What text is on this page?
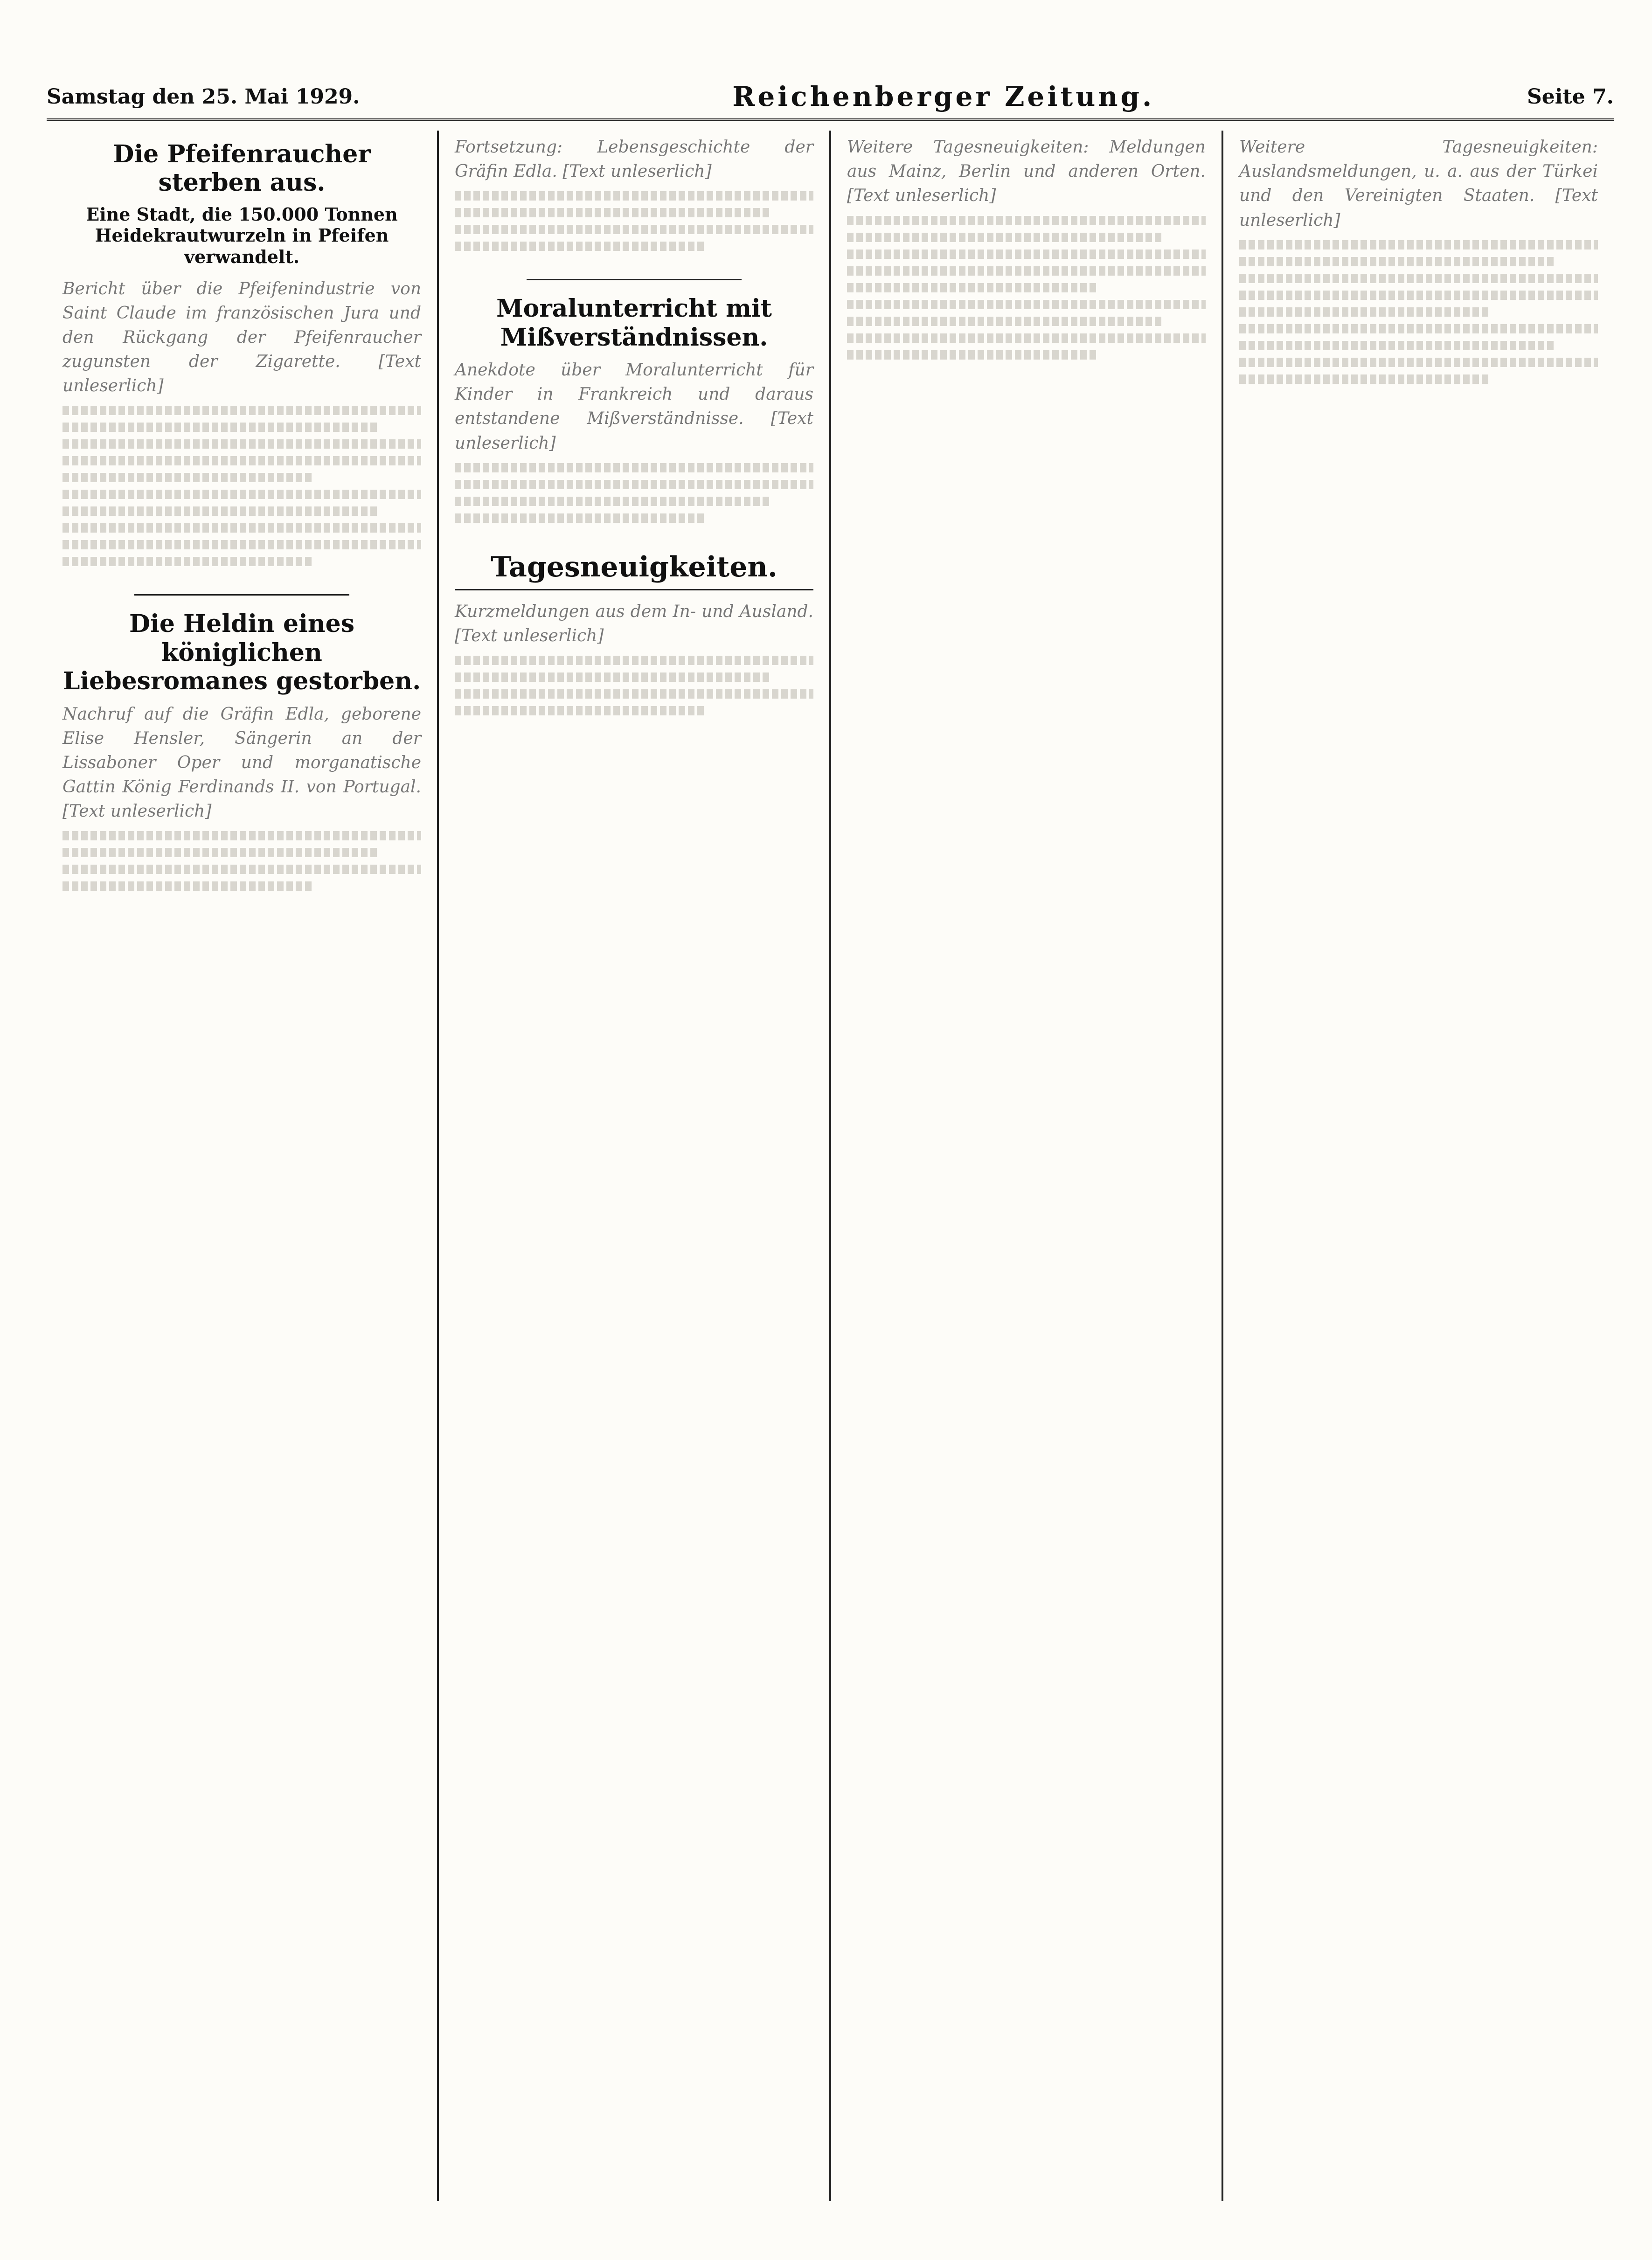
Samstag den 25. Mai 1929.	Reichenberger Zeitung.	Seite 7.
Die Pfeifenraucher sterben aus.
Eine Stadt, die 150.000 Tonnen Heidekrautwurzeln in Pfeifen verwandelt.
Bericht über die Pfeifenindustrie von Saint Claude im französischen Jura und den Rückgang der Pfeifenraucher zugunsten der Zigarette. [Text unleserlich]
Die Heldin eines königlichen Liebesromanes gestorben.
Nachruf auf die Gräfin Edla, geborene Elise Hensler, Sängerin an der Lissaboner Oper und morganatische Gattin König Ferdinands II. von Portugal. [Text unleserlich]
Fortsetzung: Lebensgeschichte der Gräfin Edla. [Text unleserlich]
Moralunterricht mit Mißverständnissen.
Anekdote über Moralunterricht für Kinder in Frankreich und daraus entstandene Mißverständnisse. [Text unleserlich]
Tagesneuigkeiten.
Kurzmeldungen aus dem In- und Ausland. [Text unleserlich]
Weitere Tagesneuigkeiten: Meldungen aus Mainz, Berlin und anderen Orten. [Text unleserlich]
Weitere Tagesneuigkeiten: Auslandsmeldungen, u. a. aus der Türkei und den Vereinigten Staaten. [Text unleserlich]
